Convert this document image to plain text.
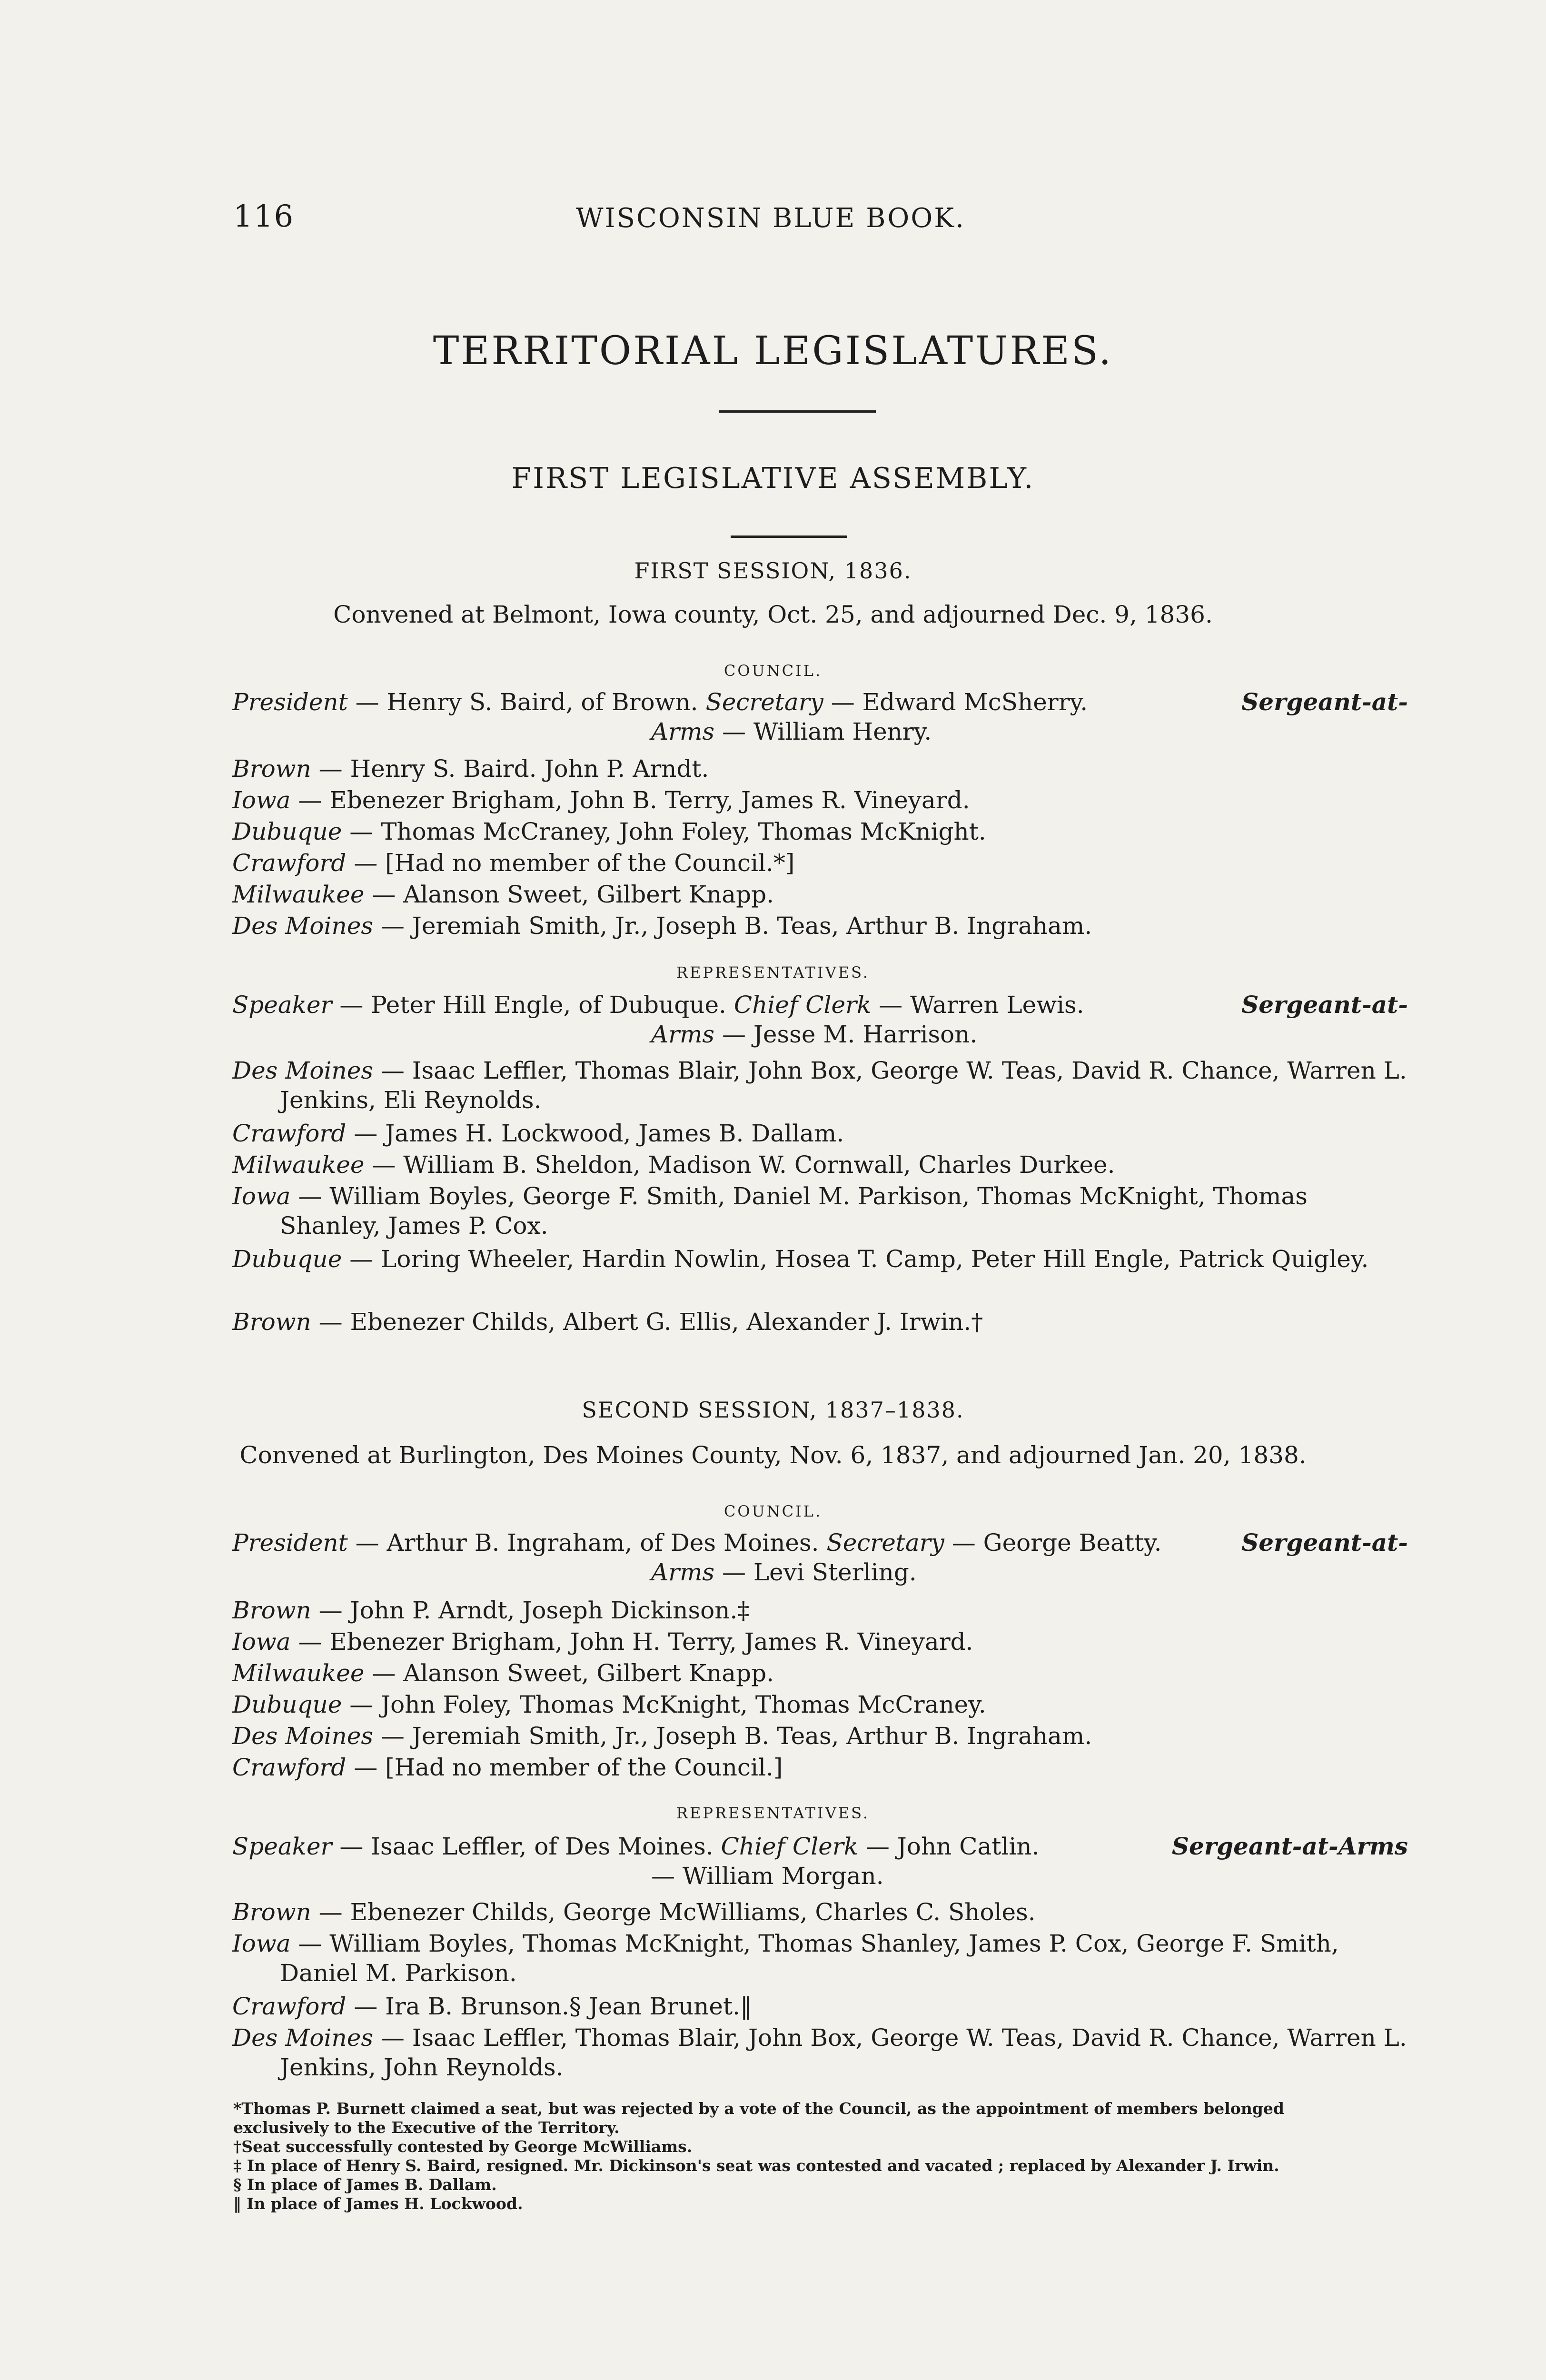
116	WISCONSIN BLUE BOOK.
TERRITORIAL LEGISLATURES.
FIRST LEGISLATIVE ASSEMBLY.
FIRST SESSION, 1836.
Convened at Belmont, Iowa county, Oct. 25, and adjourned Dec. 9, 1836.
COUNCIL.
Sergeant-at-
President — Henry S. Baird, of Brown. Secretary — Edward McSherry.
Arms — William Henry.
Brown — Henry S. Baird. John P. Arndt.
Iowa — Ebenezer Brigham, John B. Terry, James R. Vineyard.
Dubuque — Thomas McCraney, John Foley, Thomas McKnight.
Crawford — [Had no member of the Council.*]
Milwaukee — Alanson Sweet, Gilbert Knapp.
Des Moines — Jeremiah Smith, Jr., Joseph B. Teas, Arthur B. Ingraham.
REPRESENTATIVES.
Sergeant-at-
Speaker — Peter Hill Engle, of Dubuque. Chief Clerk — Warren Lewis.
Arms — Jesse M. Harrison.
Des Moines — Isaac Leffler, Thomas Blair, John Box, George W. Teas, David R. Chance, Warren L. Jenkins, Eli Reynolds.
Crawford — James H. Lockwood, James B. Dallam.
Milwaukee — William B. Sheldon, Madison W. Cornwall, Charles Durkee.
Iowa — William Boyles, George F. Smith, Daniel M. Parkison, Thomas McKnight, Thomas Shanley, James P. Cox.
Dubuque — Loring Wheeler, Hardin Nowlin, Hosea T. Camp, Peter Hill Engle, Patrick Quigley.
Brown — Ebenezer Childs, Albert G. Ellis, Alexander J. Irwin.†
SECOND SESSION, 1837–1838.
Convened at Burlington, Des Moines County, Nov. 6, 1837, and adjourned Jan. 20, 1838.
COUNCIL.
Sergeant-at-
President — Arthur B. Ingraham, of Des Moines. Secretary — George Beatty.
Arms — Levi Sterling.
Brown — John P. Arndt, Joseph Dickinson.‡
Iowa — Ebenezer Brigham, John H. Terry, James R. Vineyard.
Milwaukee — Alanson Sweet, Gilbert Knapp.
Dubuque — John Foley, Thomas McKnight, Thomas McCraney.
Des Moines — Jeremiah Smith, Jr., Joseph B. Teas, Arthur B. Ingraham.
Crawford — [Had no member of the Council.]
REPRESENTATIVES.
Sergeant-at-Arms
Speaker — Isaac Leffler, of Des Moines. Chief Clerk — John Catlin.
— William Morgan.
Brown — Ebenezer Childs, George McWilliams, Charles C. Sholes.
Iowa — William Boyles, Thomas McKnight, Thomas Shanley, James P. Cox, George F. Smith, Daniel M. Parkison.
Crawford — Ira B. Brunson.§ Jean Brunet.‖
Des Moines — Isaac Leffler, Thomas Blair, John Box, George W. Teas, David R. Chance, Warren L. Jenkins, John Reynolds.
*Thomas P. Burnett claimed a seat, but was rejected by a vote of the Council, as the appointment of members belonged exclusively to the Executive of the Territory.
†Seat successfully contested by George McWilliams.
‡ In place of Henry S. Baird, resigned. Mr. Dickinson's seat was contested and vacated ; replaced by Alexander J. Irwin.
§ In place of James B. Dallam.
‖ In place of James H. Lockwood.
